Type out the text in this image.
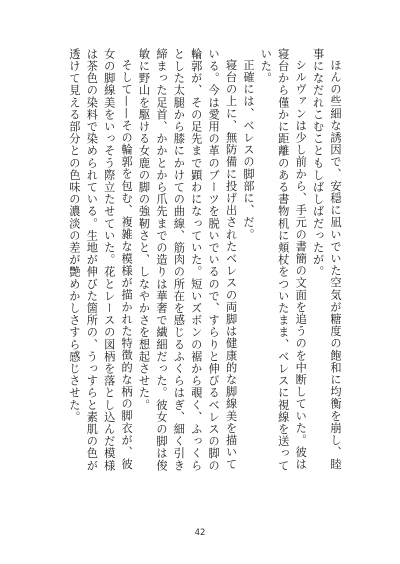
ほんの些細な誘因で、安穏に凪いでいた空気が糖度の飽和に均衡を崩し、睦事になだれこむこともしばしばだったが。

シルヴァンは少し前から、手元の書簡の文面を追うのを中断していた。彼は寝台から僅かに距離のある書物机に頬杖をついたまま、ベレスに視線を送っていた。

正確には、ベレスの脚部に、だ。

寝台の上に、無防備に投げ出されたベレスの両脚は健康的な脚線美を描いている。今は愛用の革のブーツを脱いでいるので、すらりと伸びるベレスの脚の輪郭が、その足先まで顕わになっていた。短いズボンの裾から覗く、ふっくらとした太腿から膝にかけての曲線、筋肉の所在を感じるふくらはぎ、細く引き締まった足首、かかとから爪先までの造りは華奢で繊細だった。彼女の脚は俊敏に野山を駆ける女鹿の脚の強靭さと、しなやかさを想起させた。

そして——その輪郭を包む、複雑な模様が描かれた特徴的な柄の脚衣が、彼女の脚線美をいっそう際立たせていた。花とレースの図柄を落とし込んだ模様は茶色の染料で染められている。生地が伸びた箇所の、うっすらと素肌の色が透けて見える部分との色味の濃淡の差が艶めかしさすら感じさせた。

42
